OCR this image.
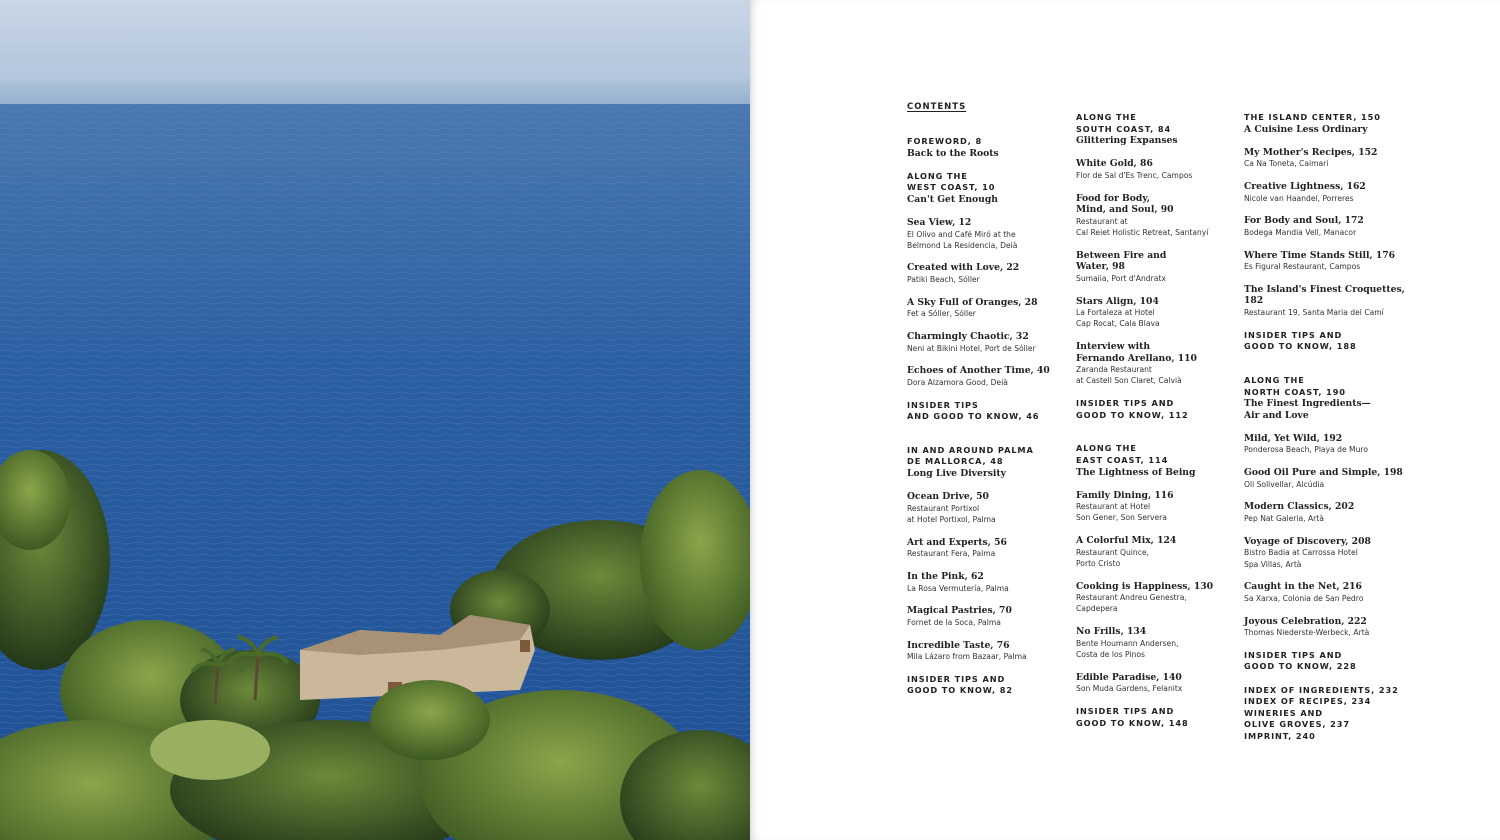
CONTENTS
FOREWORD, 8
Back to the Roots
ALONG THE
WEST COAST, 10
Can't Get Enough
Sea View, 12
El Olivo and Café Miró at the
Belmond La Residencia, Deià
Created with Love, 22
Patiki Beach, Sóller
A Sky Full of Oranges, 28
Fet a Sóller, Sóller
Charmingly Chaotic, 32
Neni at Bikini Hotel, Port de Sóller
Echoes of Another Time, 40
Dora Alzamora Good, Deià
INSIDER TIPS
AND GOOD TO KNOW, 46
IN AND AROUND PALMA
DE MALLORCA, 48
Long Live Diversity
Ocean Drive, 50
Restaurant Portixol
at Hotel Portixol, Palma
Art and Experts, 56
Restaurant Fera, Palma
In the Pink, 62
La Rosa Vermutería, Palma
Magical Pastries, 70
Fornet de la Soca, Palma
Incredible Taste, 76
Mila Lázaro from Bazaar, Palma
INSIDER TIPS AND
GOOD TO KNOW, 82
ALONG THE
SOUTH COAST, 84
Glittering Expanses
White Gold, 86
Flor de Sal d'Es Trenc, Campos
Food for Body,
Mind, and Soul, 90
Restaurant at
Cal Reiet Holistic Retreat, Santanyí
Between Fire and
Water, 98
Sumaiia, Port d'Andratx
Stars Align, 104
La Fortaleza at Hotel
Cap Rocat, Cala Blava
Interview with
Fernando Arellano, 110
Zaranda Restaurant
at Castell Son Claret, Calvià
INSIDER TIPS AND
GOOD TO KNOW, 112
ALONG THE
EAST COAST, 114
The Lightness of Being
Family Dining, 116
Restaurant at Hotel
Son Gener, Son Servera
A Colorful Mix, 124
Restaurant Quince,
Porto Cristo
Cooking is Happiness, 130
Restaurant Andreu Genestra,
Capdepera
No Frills, 134
Bente Houmann Andersen,
Costa de los Pinos
Edible Paradise, 140
Son Muda Gardens, Felanitx
INSIDER TIPS AND
GOOD TO KNOW, 148
THE ISLAND CENTER, 150
A Cuisine Less Ordinary
My Mother's Recipes, 152
Ca Na Toneta, Caimari
Creative Lightness, 162
Nicole van Haandel, Porreres
For Body and Soul, 172
Bodega Mandia Vell, Manacor
Where Time Stands Still, 176
Es Figural Restaurant, Campos
The Island's Finest Croquettes, 182
Restaurant 19, Santa Maria del Camí
INSIDER TIPS AND
GOOD TO KNOW, 188
ALONG THE
NORTH COAST, 190
The Finest Ingredients—
Air and Love
Mild, Yet Wild, 192
Ponderosa Beach, Playa de Muro
Good Oil Pure and Simple, 198
Oli Solivellar, Alcúdia
Modern Classics, 202
Pep Nat Galeria, Artà
Voyage of Discovery, 208
Bistro Badia at Carrossa Hotel
Spa Villas, Artà
Caught in the Net, 216
Sa Xarxa, Colonia de San Pedro
Joyous Celebration, 222
Thomas Niederste-Werbeck, Artà
INSIDER TIPS AND
GOOD TO KNOW, 228
INDEX OF INGREDIENTS, 232
INDEX OF RECIPES, 234
WINERIES AND
OLIVE GROVES, 237
IMPRINT, 240
